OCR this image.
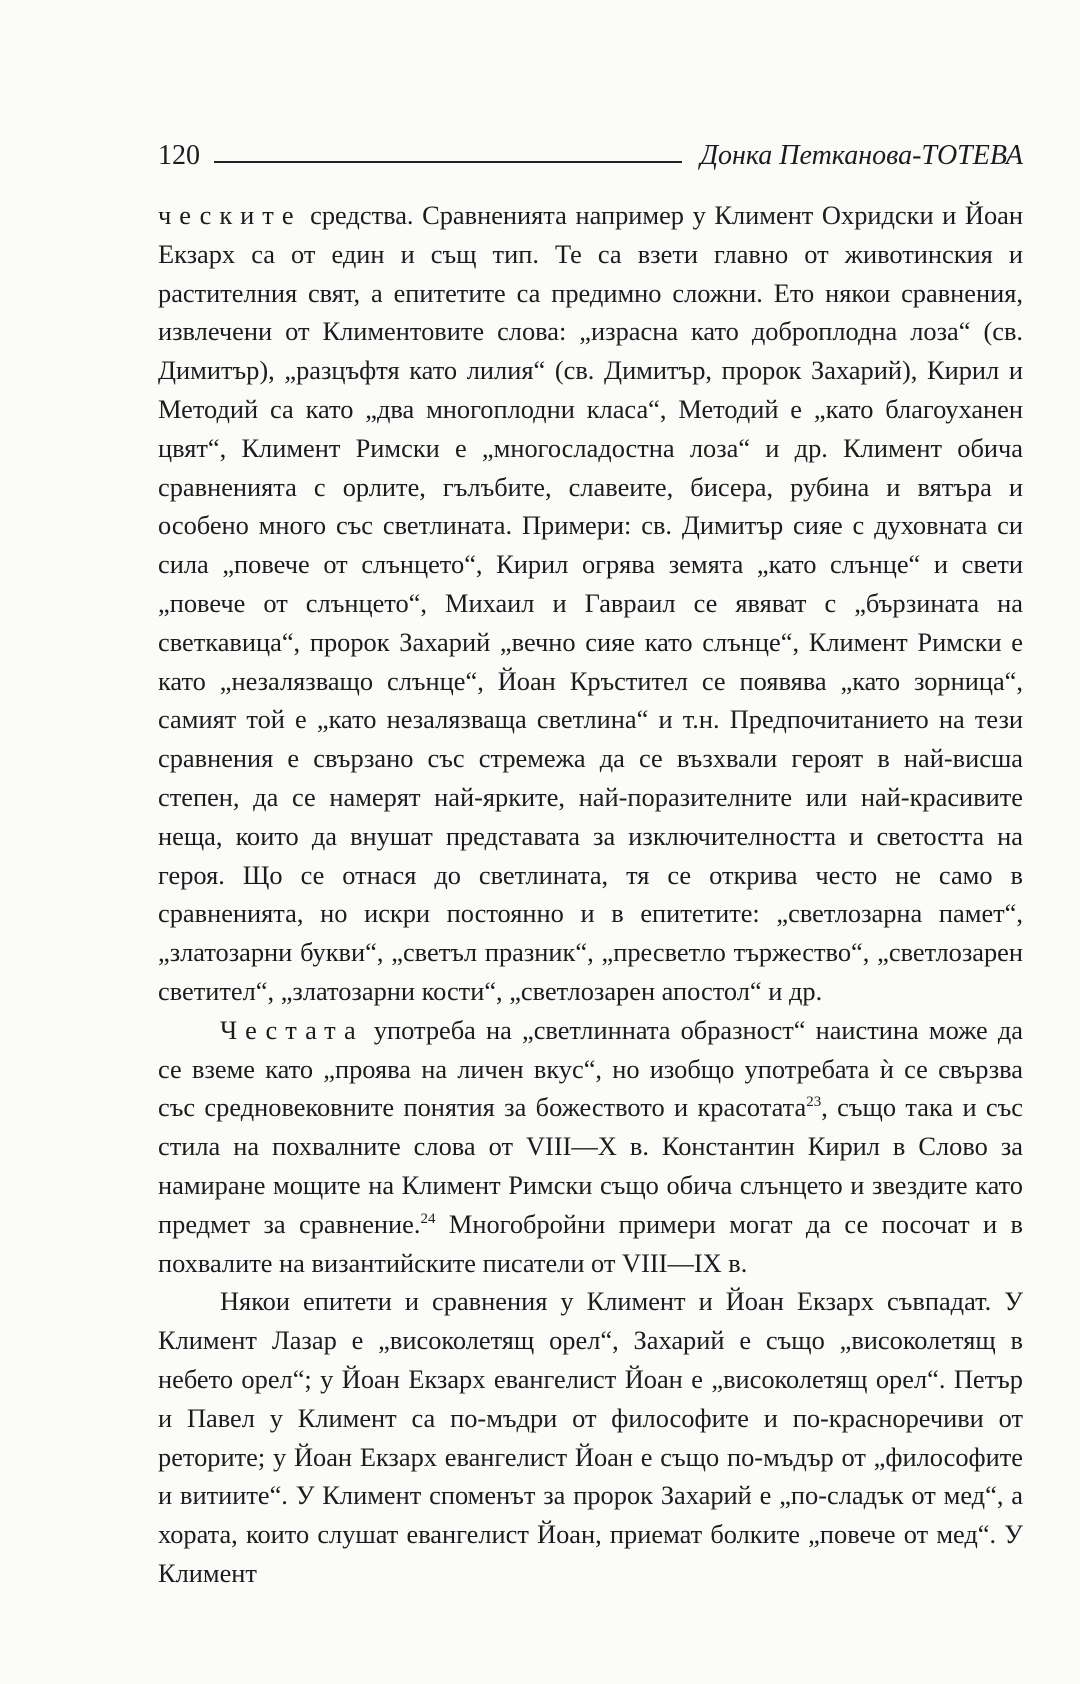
120	Донка Петканова-ТОТЕВА

ческите средства. Сравненията например у Климент Охридски и Йоан Екзарх са от един и същ тип. Те са взети главно от животинския и растителния свят, а епитетите са предимно сложни. Ето някои сравнения, извлечени от Климентовите слова: „израсна като доброплодна лоза“ (св. Димитър), „разцъфтя като лилия“ (св. Димитър, пророк Захарий), Кирил и Методий са като „два многоплодни класа“, Методий е „като благоуханен цвят“, Климент Римски е „многосладостна лоза“ и др. Климент обича сравненията с орлите, гълъбите, славеите, бисера, рубина и вятъра и особено много със светлината. Примери: св. Димитър сияе с духовната си сила „повече от слънцето“, Кирил огрява земята „като слънце“ и свети „повече от слънцето“, Михаил и Гавраил се явяват с „бързината на светкавица“, пророк Захарий „вечно сияе като слънце“, Климент Римски е като „незалязващо слънце“, Йоан Кръстител се появява „като зорница“, самият той е „като незалязваща светлина“ и т.н. Предпочитанието на тези сравнения е свързано със стремежа да се възхвали героят в най-висша степен, да се намерят най-ярките, най-поразителните или най-красивите неща, които да внушат представата за изключителността и светостта на героя. Що се отнася до светлината, тя се открива често не само в сравненията, но искри постоянно и в епитетите: „светлозарна памет“, „златозарни букви“, „светъл празник“, „пресветло тържество“, „светлозарен светител“, „златозарни кости“, „светлозарен апостол“ и др.

Честата употреба на „светлинната образност“ наистина може да се вземе като „проява на личен вкус“, но изобщо употребата ѝ се свързва със средновековните понятия за божеството и красотата$^{23}$, също така и със стила на похвалните слова от VIII—X в. Константин Кирил в Слово за намиране мощите на Климент Римски също обича слънцето и звездите като предмет за сравнение.$^{24}$ Многобройни примери могат да се посочат и в похвалите на византийските писатели от VIII—IX в.

Някои епитети и сравнения у Климент и Йоан Екзарх съвпадат. У Климент Лазар е „високолетящ орел“, Захарий е също „високолетящ в небето орел“; у Йоан Екзарх евангелист Йоан е „високолетящ орел“. Петър и Павел у Климент са по-мъдри от философите и по-красноречиви от реторите; у Йоан Екзарх евангелист Йоан е също по-мъдър от „философите и витиите“. У Климент споменът за пророк Захарий е „по-сладък от мед“, а хората, които слушат евангелист Йоан, приемат болките „повече от мед“. У Климент
